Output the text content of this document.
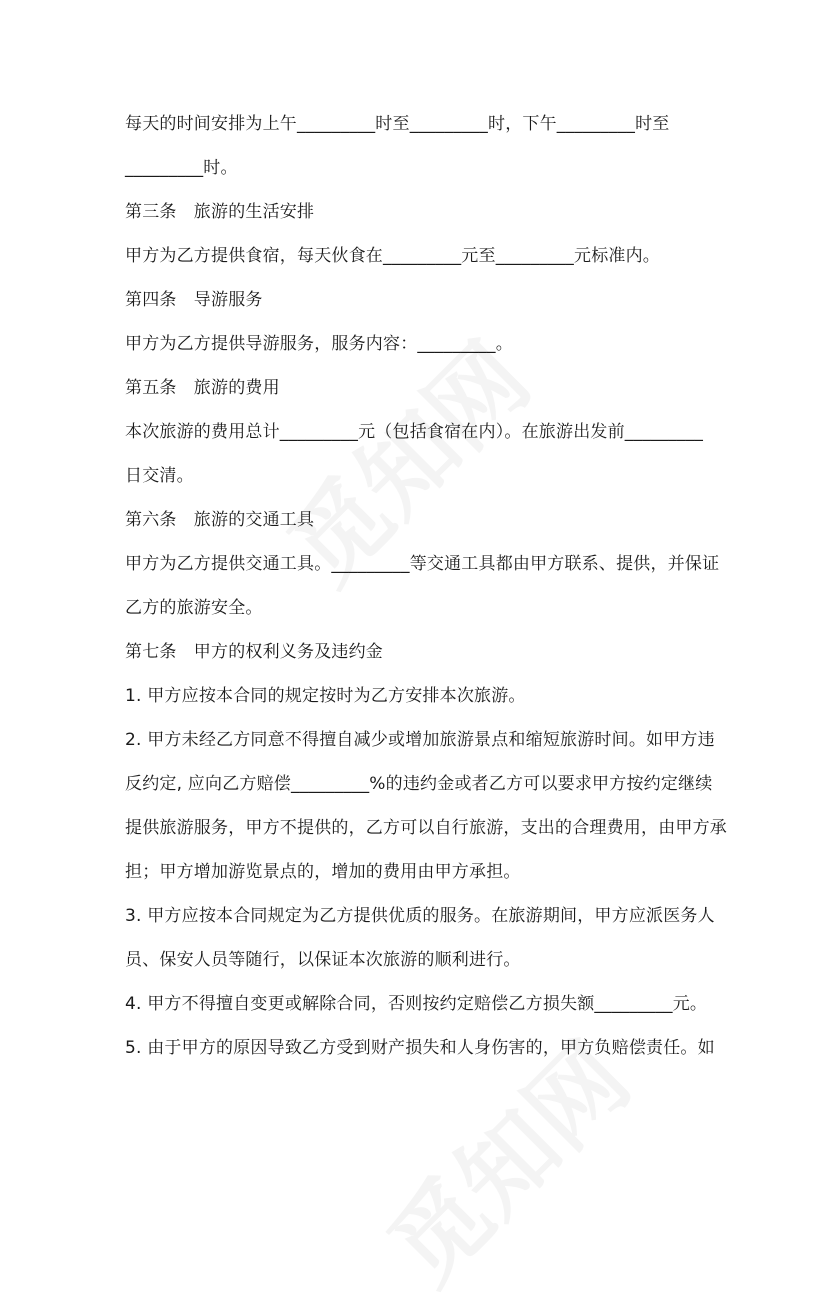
每天的时间安排为上午_________时至_________时，下午_________时至
_________时。
第三条　旅游的生活安排
甲方为乙方提供食宿，每天伙食在_________元至_________元标准内。
第四条　导游服务
甲方为乙方提供导游服务，服务内容：_________。
第五条　旅游的费用
本次旅游的费用总计_________元（包括食宿在内）。在旅游出发前_________
日交清。
第六条　旅游的交通工具
甲方为乙方提供交通工具。_________等交通工具都由甲方联系、提供，并保证
乙方的旅游安全。
第七条　甲方的权利义务及违约金
1. 甲方应按本合同的规定按时为乙方安排本次旅游。
2. 甲方未经乙方同意不得擅自减少或增加旅游景点和缩短旅游时间。如甲方违
反约定, 应向乙方赔偿_________%的违约金或者乙方可以要求甲方按约定继续
提供旅游服务，甲方不提供的，乙方可以自行旅游，支出的合理费用，由甲方承
担；甲方增加游览景点的，增加的费用由甲方承担。
3. 甲方应按本合同规定为乙方提供优质的服务。在旅游期间，甲方应派医务人
员、保安人员等随行，以保证本次旅游的顺利进行。
4. 甲方不得擅自变更或解除合同，否则按约定赔偿乙方损失额_________元。
5. 由于甲方的原因导致乙方受到财产损失和人身伤害的，甲方负赔偿责任。如
